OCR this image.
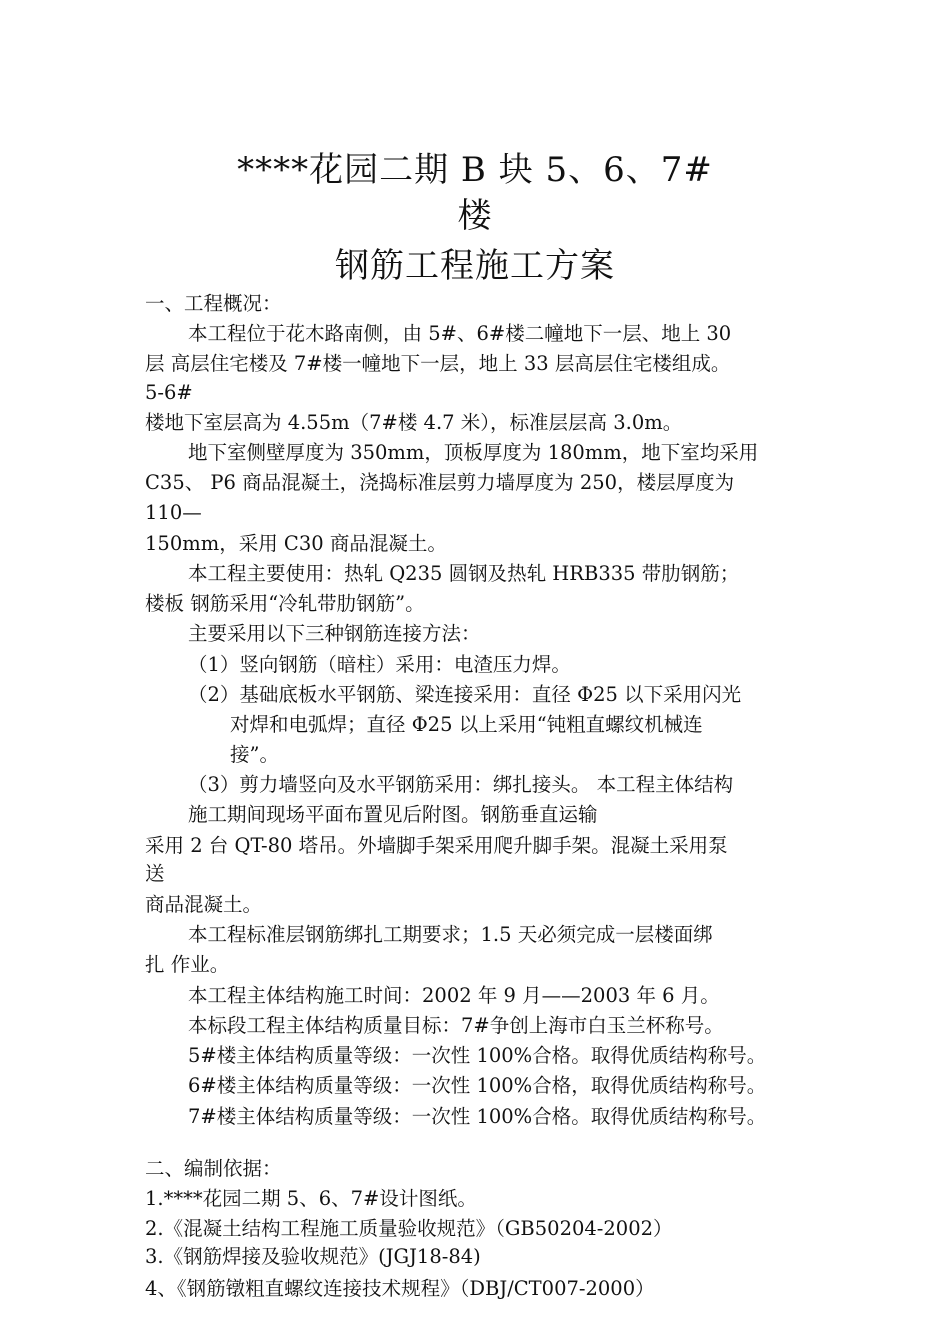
****花园二期 B 块 5、6、7#
楼
钢筋工程施工方案

一、工程概况：

本工程位于花木路南侧，由 5#、6#楼二幢地下一层、地上 30

层 高层住宅楼及 7#楼一幢地下一层，地上 33 层高层住宅楼组成。

5-6#

楼地下室层高为 4.55m（7#楼 4.7 米），标准层层高 3.0m。

地下室侧壁厚度为 350mm，顶板厚度为 180mm，地下室均采用

C35、 P6 商品混凝土，浇捣标准层剪力墙厚度为 250，楼层厚度为

110—

150mm，采用 C30 商品混凝土。

本工程主要使用：热轧 Q235 圆钢及热轧 HRB335 带肋钢筋；

楼板 钢筋采用“冷轧带肋钢筋”。

主要采用以下三种钢筋连接方法：

（1）竖向钢筋（暗柱）采用：电渣压力焊。

（2）基础底板水平钢筋、梁连接采用：直径 Φ25 以下采用闪光

对焊和电弧焊；直径 Φ25 以上采用“钝粗直螺纹机械连

接”。

（3）剪力墙竖向及水平钢筋采用：绑扎接头。 本工程主体结构

施工期间现场平面布置见后附图。钢筋垂直运输

采用 2 台 QT-80 塔吊。外墙脚手架采用爬升脚手架。混凝土采用泵

送

商品混凝土。

本工程标准层钢筋绑扎工期要求；1.5 天必须完成一层楼面绑

扎 作业。

本工程主体结构施工时间：2002 年 9 月——2003 年 6 月。

本标段工程主体结构质量目标：7#争创上海市白玉兰杯称号。

5#楼主体结构质量等级：一次性 100%合格。取得优质结构称号。

6#楼主体结构质量等级：一次性 100%合格，取得优质结构称号。

7#楼主体结构质量等级：一次性 100%合格。取得优质结构称号。

二、编制依据：

1.****花园二期 5、6、7#设计图纸。

2.《混凝土结构工程施工质量验收规范》（GB50204-2002）

3.《钢筋焊接及验收规范》(JGJ18-84)

4、《钢筋镦粗直螺纹连接技术规程》（DBJ/CT007-2000）
